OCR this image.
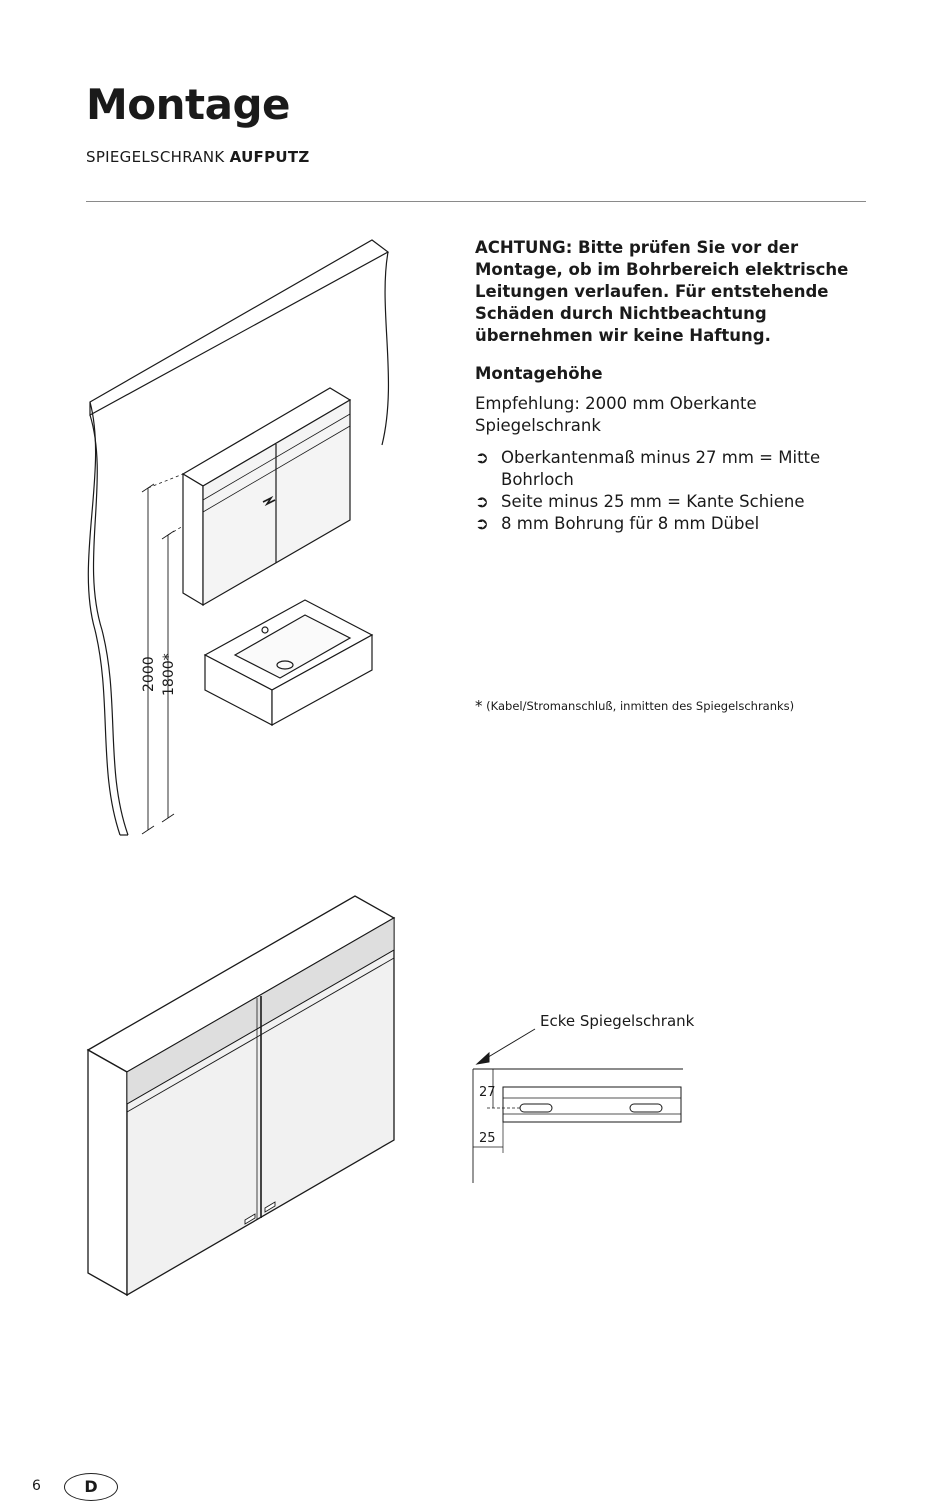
Montage
SPIEGELSCHRANK AUFPUTZ
2000 1800*

ACHTUNG: Bitte prüfen Sie vor der Montage, ob im Bohrbereich elektrische Leitungen verlaufen. Für entstehende Schäden durch Nichtbeachtung übernehmen wir keine Haftung.

Montagehöhe

Empfehlung: 2000 mm Oberkante Spiegelschrank

➲ Oberkantenmaß minus 27 mm = Mitte Bohrloch
➲ Seite minus 25 mm = Kante Schiene
➲ 8 mm Bohrung für 8 mm Dübel
* (Kabel/Stromanschluß, inmitten des Spiegelschranks)
Ecke Spiegelschrank
27
25
6	D
